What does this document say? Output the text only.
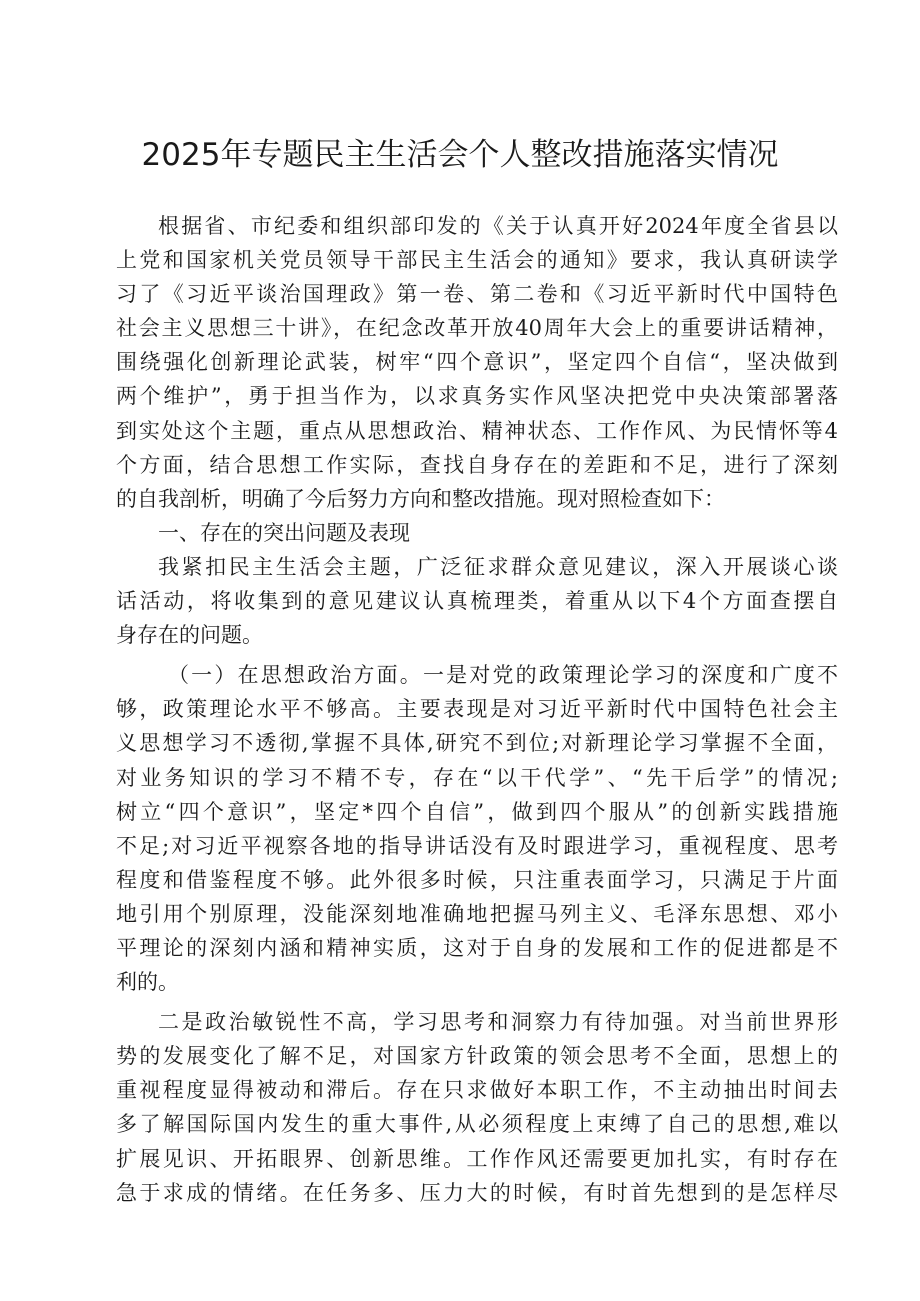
2025年专题民主生活会个人整改措施落实情况
根据省、市纪委和组织部印发的《关于认真开好2024年度全省县以
上党和国家机关党员领导干部民主生活会的通知》要求，我认真研读学
习了《习近平谈治国理政》第一卷、第二卷和《习近平新时代中国特色
社会主义思想三十讲》，在纪念改革开放40周年大会上的重要讲话精神，
围绕强化创新理论武装，树牢“四个意识”，坚定四个自信“，坚决做到
两个维护”，勇于担当作为，以求真务实作风坚决把党中央决策部署落
到实处这个主题，重点从思想政治、精神状态、工作作风、为民情怀等4
个方面，结合思想工作实际，查找自身存在的差距和不足，进行了深刻
的自我剖析，明确了今后努力方向和整改措施。现对照检查如下：
一、存在的突出问题及表现
我紧扣民主生活会主题，广泛征求群众意见建议，深入开展谈心谈
话活动，将收集到的意见建议认真梳理类，着重从以下4个方面查摆自
身存在的问题。
（一）在思想政治方面。一是对党的政策理论学习的深度和广度不
够，政策理论水平不够高。主要表现是对习近平新时代中国特色社会主
义思想学习不透彻,掌握不具体,研究不到位;对新理论学习掌握不全面，
对业务知识的学习不精不专，存在“以干代学”、“先干后学”的情况;
树立“四个意识”，坚定*四个自信”，做到四个服从”的创新实践措施
不足;对习近平视察各地的指导讲话没有及时跟进学习，重视程度、思考
程度和借鉴程度不够。此外很多时候，只注重表面学习，只满足于片面
地引用个别原理，没能深刻地准确地把握马列主义、毛泽东思想、邓小
平理论的深刻内涵和精神实质，这对于自身的发展和工作的促进都是不
利的。
二是政治敏锐性不高，学习思考和洞察力有待加强。对当前世界形
势的发展变化了解不足，对国家方针政策的领会思考不全面，思想上的
重视程度显得被动和滞后。存在只求做好本职工作，不主动抽出时间去
多了解国际国内发生的重大事件,从必须程度上束缚了自己的思想,难以
扩展见识、开拓眼界、创新思维。工作作风还需要更加扎实，有时存在
急于求成的情绪。在任务多、压力大的时候，有时首先想到的是怎样尽
